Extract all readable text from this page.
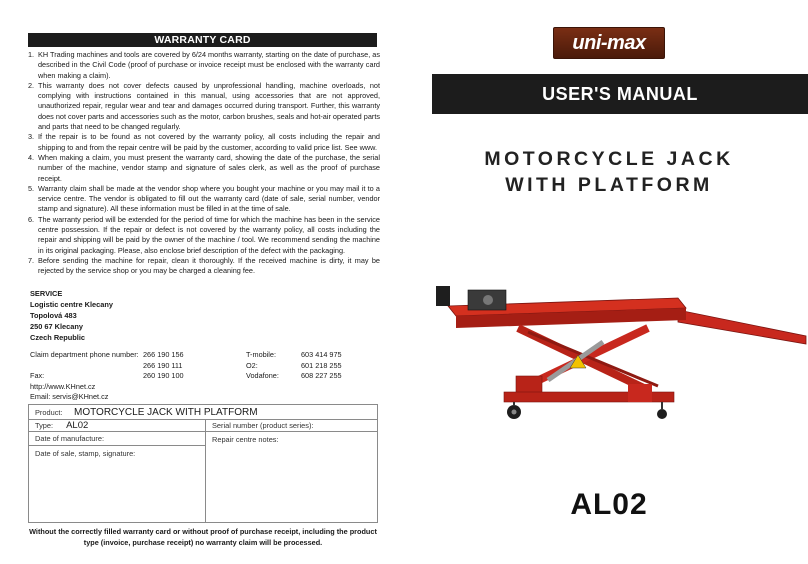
WARRANTY CARD
1. KH Trading machines and tools are covered by 6/24 months warranty, starting on the date of purchase, as described in the Civil Code (proof of purchase or invoice receipt must be enclosed with the warranty card when making a claim).
2. This warranty does not cover defects caused by unprofessional handling, machine overloads, not complying with instructions contained in this manual, using accessories that are not approved, unauthorized repair, regular wear and tear and damages occurred during transport. Further, this warranty does not cover parts and accessories such as the motor, carbon brushes, seals and hot-air operated parts and parts that need to be changed regularly.
3. If the repair is to be found as not covered by the warranty policy, all costs including the repair and shipping to and from the repair centre will be paid by the customer, according to valid price list. See www.
4. When making a claim, you must present the warranty card, showing the date of the purchase, the serial number of the machine, vendor stamp and signature of sales clerk, as well as the proof of purchase receipt.
5. Warranty claim shall be made at the vendor shop where you bought your machine or you may mail it to a service centre. The vendor is obligated to fill out the warranty card (date of sale, serial number, vendor stamp and signature). All these information must be filled in at the time of sale.
6. The warranty period will be extended for the period of time for which the machine has been in the service centre possession. If the repair or defect is not covered by the warranty policy, all costs including the repair and shipping will be paid by the owner of the machine / tool. We recommend sending the machine in its original packaging. Please, also enclose brief description of the defect with the packaging.
7. Before sending the machine for repair, clean it thoroughly. If the received machine is dirty, it may be rejected by the service shop or you may be charged a cleaning fee.
SERVICE
Logistic centre Klecany
Topolová 483
250 67 Klecany
Czech Republic
Claim department phone number: 266 190 156	T-mobile:	603 414 975
266 190 111	O2:	601 218 255
Fax:	260 190 100	Vodafone:	608 227 255
http://www.KHnet.cz
Email: servis@KHnet.cz
Product:	MOTORCYCLE JACK WITH PLATFORM
Type: AL02
Date of manufacture:
Date of sale, stamp, signature:
Serial number (product series):
Repair centre notes:
Without the correctly filled warranty card or without proof of purchase receipt, including the product type (invoice, purchase receipt) no warranty claim will be processed.
uni-max
USER'S MANUAL
MOTORCYCLE JACK
WITH PLATFORM
AL02
